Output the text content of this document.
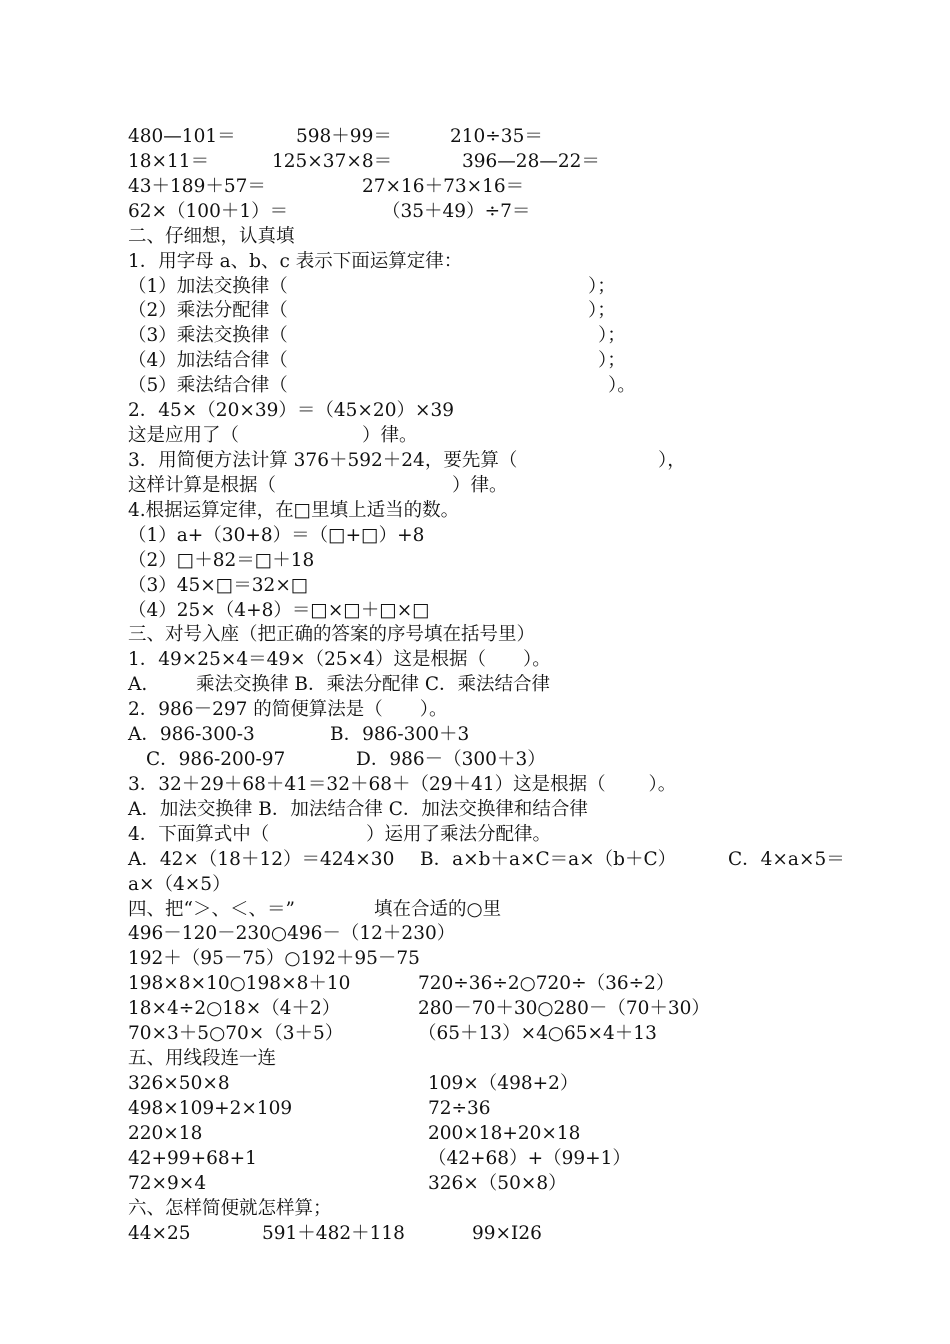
480—101＝	598＋99＝	210÷35＝
18×11＝	125×37×8＝	396—28—22＝
43＋189＋57＝	27×16＋73×16＝
62×（100＋1）＝	（35＋49）÷7＝
二、仔细想，认真填
1．用字母 a、b、c 表示下面运算定律：
（1）加法交换律（	）；
（2）乘法分配律（	）；
（3）乘法交换律（	）；
（4）加法结合律（	）；
（5）乘法结合律（	）。
2．45×（20×39）＝（45×20）×39
这是应用了（	）律。
3．用简便方法计算 376＋592＋24，要先算（	），
这样计算是根据（	）律。
4.根据运算定律，在□里填上适当的数。
（1）a+（30+8）＝（□+□）+8
（2）□＋82＝□＋18
（3）45×□＝32×□
（4）25×（4+8）＝□×□＋□×□
三、对号入座（把正确的答案的序号填在括号里）
1．49×25×4＝49×（25×4）这是根据（　　）。
A.	乘法交换律 B．乘法分配律 C．乘法结合律
2．986－297 的简便算法是（　　）。
A．986-300-3	B．986-300＋3
C．986-200-97	D．986－（300＋3）
3．32＋29＋68＋41＝32＋68＋（29＋41）这是根据（　　 ）。
A．加法交换律 B．加法结合律 C．加法交换律和结合律
4．下面算式中（	）运用了乘法分配律。
A．42×（18＋12）＝424×30 B．a×b＋a×C＝a×（b＋C）	C．4×a×5＝
a×（4×5）
四、把“＞、＜、＝”	填在合适的○里
496－120－230○496－（12＋230）
192＋（95－75）○192＋95－75
198×8×10○198×8＋10	720÷36÷2○720÷（36÷2）
18×4÷2○18×（4＋2）	280－70＋30○280－（70＋30）
70×3＋5○70×（3＋5）	（65＋13）×4○65×4＋13
五、用线段连一连
326×50×8	109×（498+2）
498×109+2×109	72÷36
220×18	200×18+20×18
42+99+68+1	（42+68）+（99+1）
72×9×4	326×（50×8）
六、怎样简便就怎样算；
44×25	591＋482＋118	99×I26
